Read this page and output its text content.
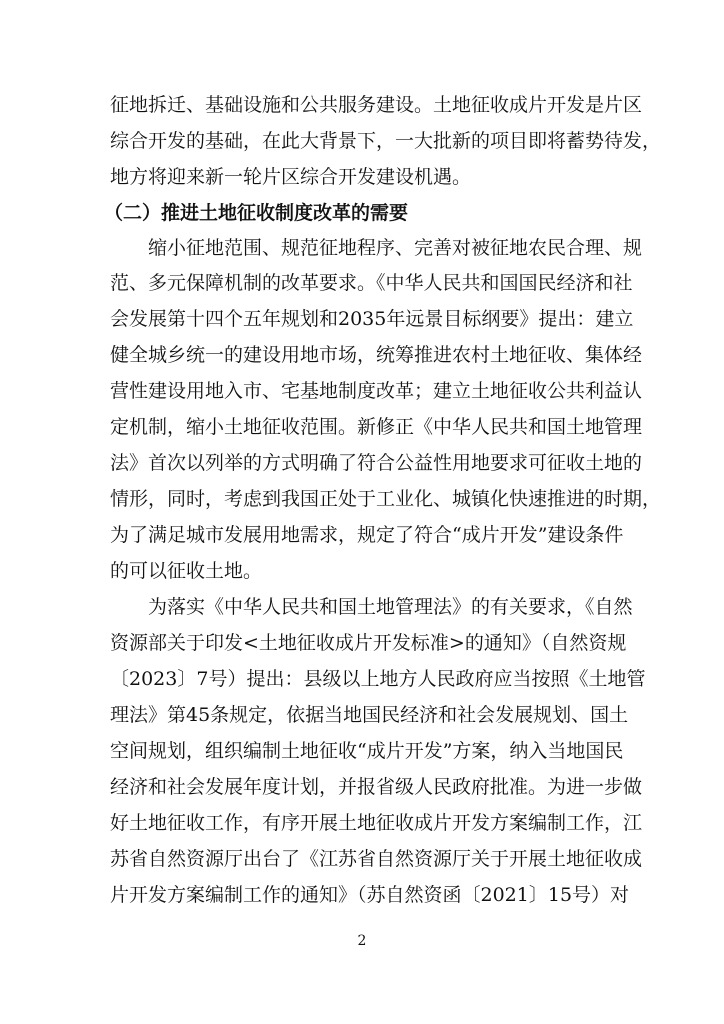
征地拆迁、基础设施和公共服务建设。土地征收成片开发是片区
综合开发的基础，在此大背景下，一大批新的项目即将蓄势待发，
地方将迎来新一轮片区综合开发建设机遇。
（二）推进土地征收制度改革的需要
缩小征地范围、规范征地程序、完善对被征地农民合理、规
范、多元保障机制的改革要求。《中华人民共和国国民经济和社
会发展第十四个五年规划和2035年远景目标纲要》提出：建立
健全城乡统一的建设用地市场，统筹推进农村土地征收、集体经
营性建设用地入市、宅基地制度改革；建立土地征收公共利益认
定机制，缩小土地征收范围。新修正《中华人民共和国土地管理
法》首次以列举的方式明确了符合公益性用地要求可征收土地的
情形，同时，考虑到我国正处于工业化、城镇化快速推进的时期，
为了满足城市发展用地需求，规定了符合“成片开发”建设条件
的可以征收土地。
为落实《中华人民共和国土地管理法》的有关要求，《自然
资源部关于印发<土地征收成片开发标准>的通知》（自然资规
〔2023〕7号）提出：县级以上地方人民政府应当按照《土地管
理法》第45条规定，依据当地国民经济和社会发展规划、国土
空间规划，组织编制土地征收“成片开发”方案，纳入当地国民
经济和社会发展年度计划，并报省级人民政府批准。为进一步做
好土地征收工作，有序开展土地征收成片开发方案编制工作，江
苏省自然资源厅出台了《江苏省自然资源厅关于开展土地征收成
片开发方案编制工作的通知》（苏自然资函〔2021〕15号）对
2
